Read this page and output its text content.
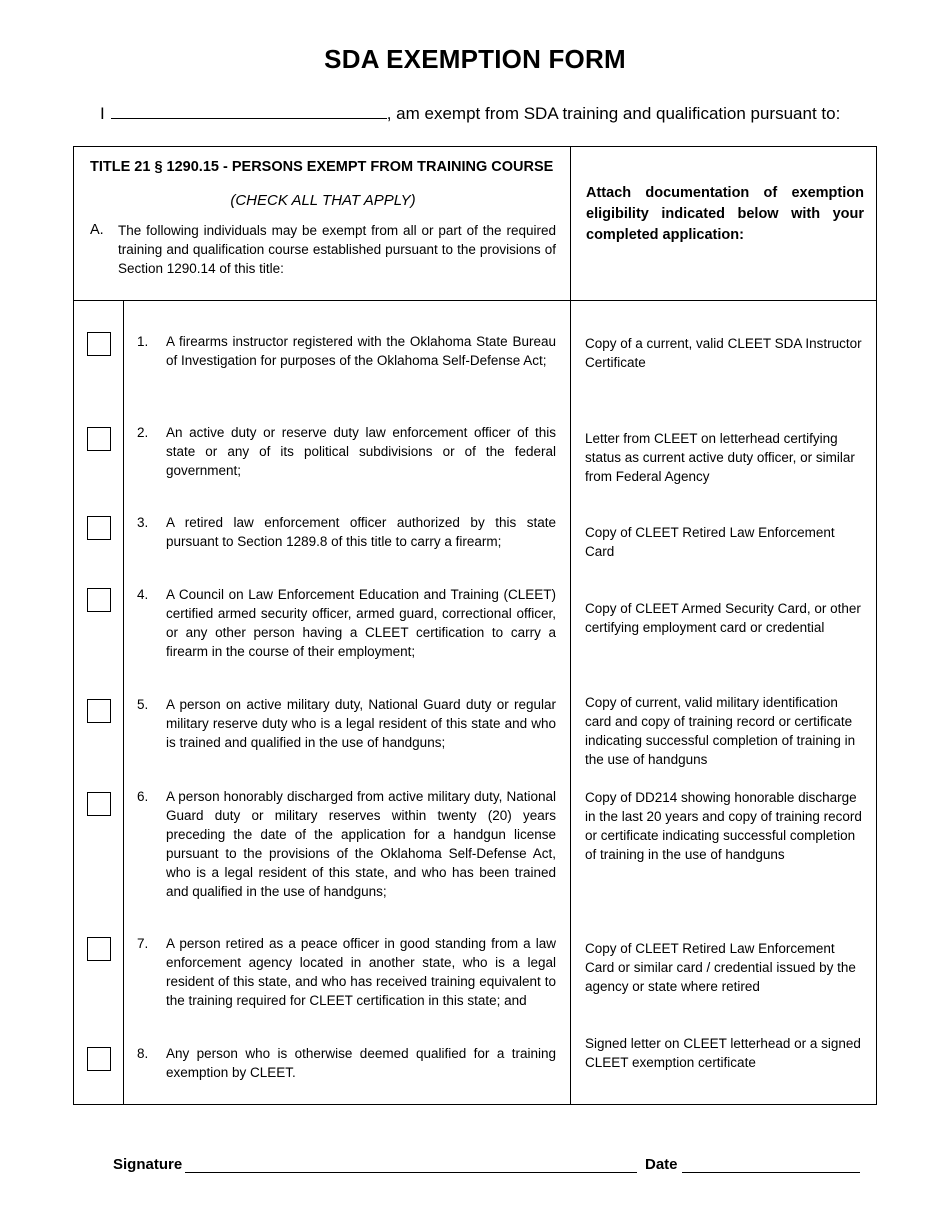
SDA EXEMPTION FORM
I	, am exempt from SDA training and qualification pursuant to:
TITLE 21 § 1290.15 - PERSONS EXEMPT FROM TRAINING COURSE
(CHECK ALL THAT APPLY)
A. The following individuals may be exempt from all or part of the required training and qualification course established pursuant to the provisions of Section 1290.14 of this title:
Attach documentation of exemption eligibility indicated below with your completed application:
1. A firearms instructor registered with the Oklahoma State Bureau of Investigation for purposes of the Oklahoma Self-Defense Act;
Copy of a current, valid CLEET SDA Instructor Certificate
2. An active duty or reserve duty law enforcement officer of this state or any of its political subdivisions or of the federal government;
Letter from CLEET on letterhead certifying status as current active duty officer, or similar from Federal Agency
3. A retired law enforcement officer authorized by this state pursuant to Section 1289.8 of this title to carry a firearm;
Copy of CLEET Retired Law Enforcement Card
4. A Council on Law Enforcement Education and Training (CLEET) certified armed security officer, armed guard, correctional officer, or any other person having a CLEET certification to carry a firearm in the course of their employment;
Copy of CLEET Armed Security Card, or other certifying employment card or credential
5. A person on active military duty, National Guard duty or regular military reserve duty who is a legal resident of this state and who is trained and qualified in the use of handguns;
Copy of current, valid military identification card and copy of training record or certificate indicating successful completion of training in the use of handguns
6. A person honorably discharged from active military duty, National Guard duty or military reserves within twenty (20) years preceding the date of the application for a handgun license pursuant to the provisions of the Oklahoma Self-Defense Act, who is a legal resident of this state, and who has been trained and qualified in the use of handguns;
Copy of DD214 showing honorable discharge in the last 20 years and copy of training record or certificate indicating successful completion of training in the use of handguns
7. A person retired as a peace officer in good standing from a law enforcement agency located in another state, who is a legal resident of this state, and who has received training equivalent to the training required for CLEET certification in this state; and
Copy of CLEET Retired Law Enforcement Card or similar card / credential issued by the agency or state where retired
8. Any person who is otherwise deemed qualified for a training exemption by CLEET.
Signed letter on CLEET letterhead or a signed CLEET exemption certificate
Signature	Date
